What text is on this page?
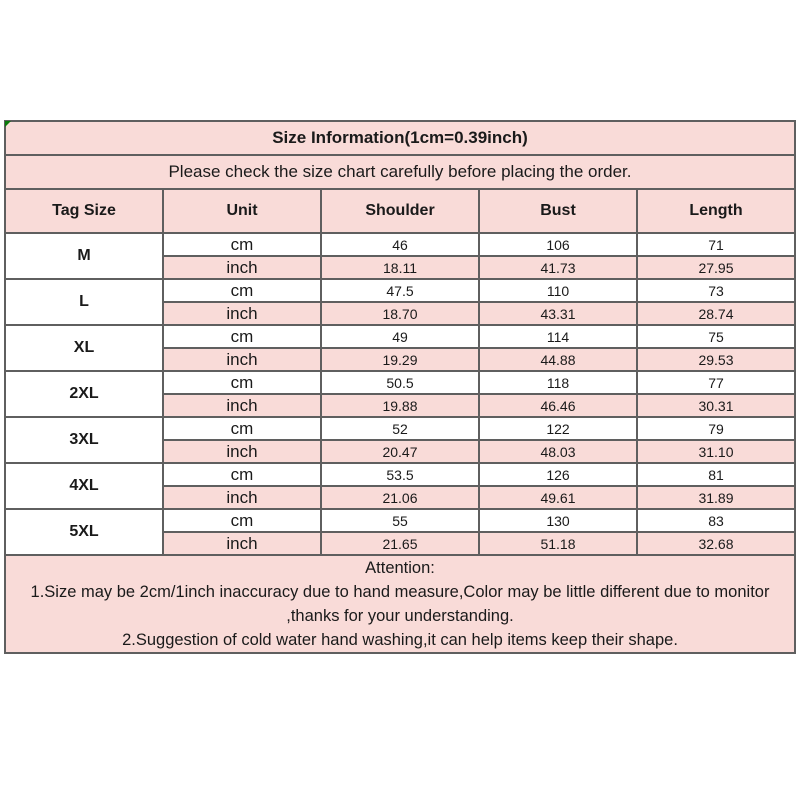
Size Information(1cm=0.39inch)				
Please check the size chart carefully before placing the order.				
Tag Size	Unit	Shoulder	Bust	Length
M	cm	46	106	71
	inch	18.11	41.73	27.95
L	cm	47.5	110	73
	inch	18.70	43.31	28.74
XL	cm	49	114	75
	inch	19.29	44.88	29.53
2XL	cm	50.5	118	77
	inch	19.88	46.46	30.31
3XL	cm	52	122	79
	inch	20.47	48.03	31.10
4XL	cm	53.5	126	81
	inch	21.06	49.61	31.89
5XL	cm	55	130	83
	inch	21.65	51.18	32.68

Attention:
1.Size may be 2cm/1inch inaccuracy due to hand measure,Color may be little different due to monitor
,thanks for your understanding.
2.Suggestion of cold water hand washing,it can help items keep their shape.				
